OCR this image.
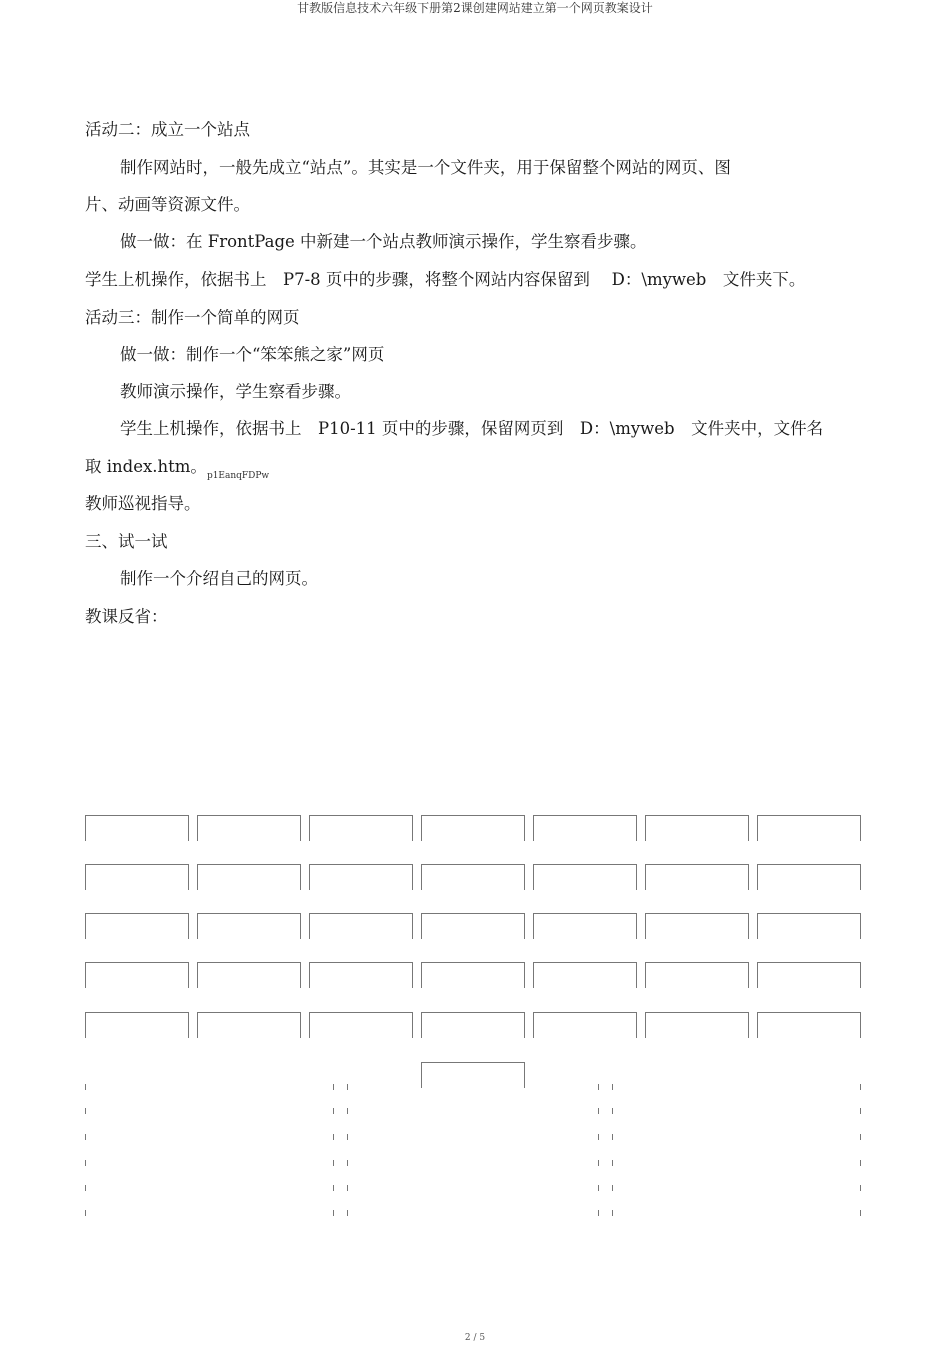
甘教版信息技术六年级下册第2课创建网站建立第一个网页教案设计
活动二：成立一个站点
制作网站时，一般先成立“站点”。其实是一个文件夹，用于保留整个网站的网页、图
片、动画等资源文件。
做一做：在 FrontPage 中新建一个站点教师演示操作，学生察看步骤。
学生上机操作，依据书上　P7-8 页中的步骤，将整个网站内容保留到　 D：\myweb　文件夹下。
活动三：制作一个简单的网页
做一做：制作一个“笨笨熊之家”网页
教师演示操作，学生察看步骤。
学生上机操作，依据书上　P10-11 页中的步骤，保留网页到　D：\myweb　文件夹中，文件名
取 index.htm。$_{p1EanqFDPw}$
教师巡视指导。
三、试一试
制作一个介绍自己的网页。
教课反省：
2 / 5
